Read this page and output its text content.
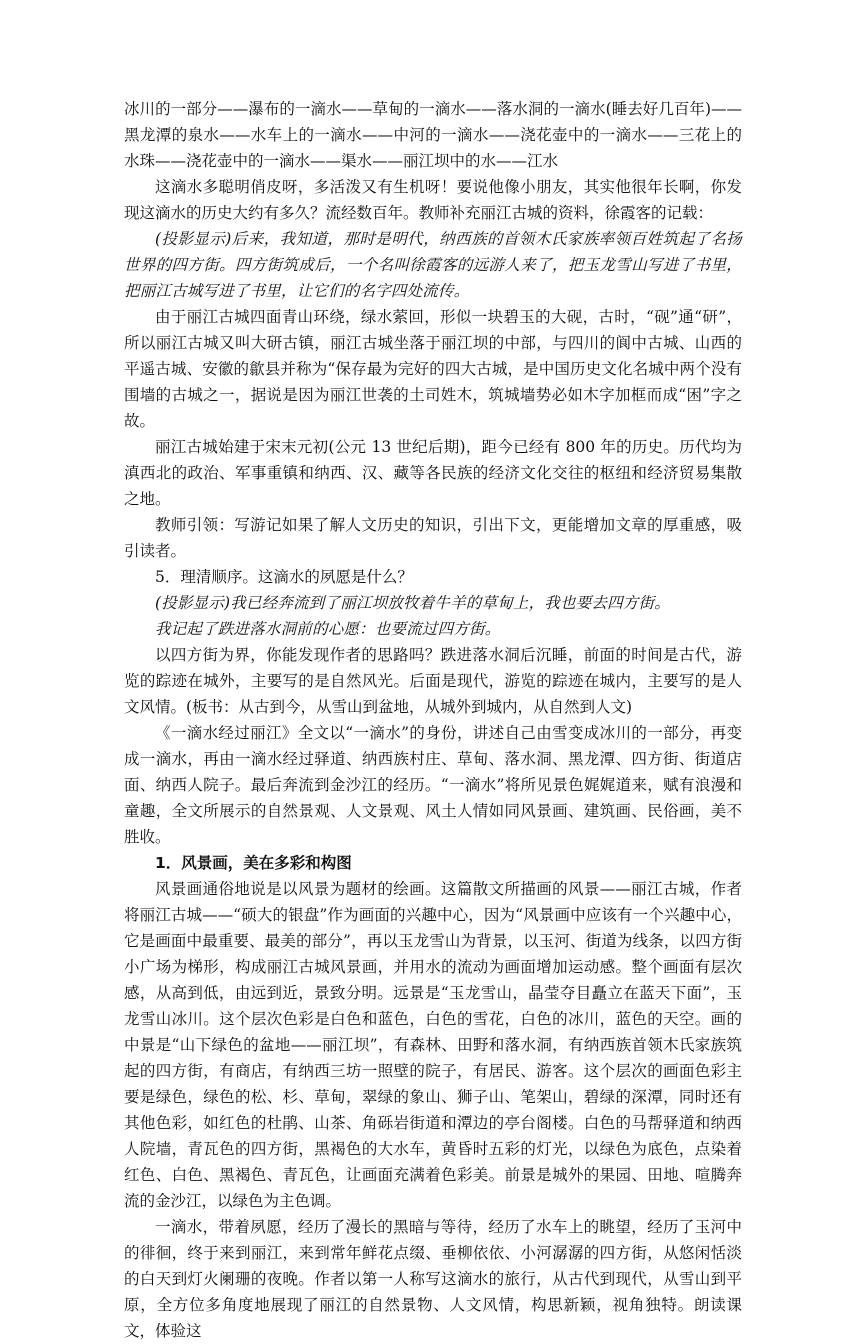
冰川的一部分——瀑布的一滴水——草甸的一滴水——落水洞的一滴水(睡去好几百年)——黑龙潭的泉水——水车上的一滴水——中河的一滴水——浇花壶中的一滴水——三花上的水珠——浇花壶中的一滴水——渠水——丽江坝中的水——江水

这滴水多聪明俏皮呀，多活泼又有生机呀！要说他像小朋友，其实他很年长啊，你发现这滴水的历史大约有多久？流经数百年。教师补充丽江古城的资料，徐霞客的记载：

(投影显示)后来，我知道，那时是明代，纳西族的首领木氏家族率领百姓筑起了名扬世界的四方街。四方街筑成后，一个名叫徐霞客的远游人来了，把玉龙雪山写进了书里，把丽江古城写进了书里，让它们的名字四处流传。

由于丽江古城四面青山环绕，绿水萦回，形似一块碧玉的大砚，古时，“砚”通“研”，所以丽江古城又叫大研古镇，丽江古城坐落于丽江坝的中部，与四川的阆中古城、山西的平遥古城、安徽的歙县并称为“保存最为完好的四大古城，是中国历史文化名城中两个没有围墙的古城之一，据说是因为丽江世袭的土司姓木，筑城墙势必如木字加框而成“困”字之故。

丽江古城始建于宋末元初(公元 13 世纪后期)，距今已经有 800 年的历史。历代均为滇西北的政治、军事重镇和纳西、汉、藏等各民族的经济文化交往的枢纽和经济贸易集散之地。

教师引领：写游记如果了解人文历史的知识，引出下文，更能增加文章的厚重感，吸引读者。

5．理清顺序。这滴水的夙愿是什么？

(投影显示)我已经奔流到了丽江坝放牧着牛羊的草甸上，我也要去四方街。

我记起了跌进落水洞前的心愿：也要流过四方街。

以四方街为界，你能发现作者的思路吗？跌进落水洞后沉睡，前面的时间是古代，游览的踪迹在城外，主要写的是自然风光。后面是现代，游览的踪迹在城内，主要写的是人文风情。(板书：从古到今，从雪山到盆地，从城外到城内，从自然到人文)

《一滴水经过丽江》全文以“一滴水”的身份，讲述自己由雪变成冰川的一部分，再变成一滴水，再由一滴水经过驿道、纳西族村庄、草甸、落水洞、黑龙潭、四方街、街道店面、纳西人院子。最后奔流到金沙江的经历。“一滴水”将所见景色娓娓道来，赋有浪漫和童趣，全文所展示的自然景观、人文景观、风土人情如同风景画、建筑画、民俗画，美不胜收。

1．风景画，美在多彩和构图

风景画通俗地说是以风景为题材的绘画。这篇散文所描画的风景——丽江古城，作者将丽江古城——“硕大的银盘”作为画面的兴趣中心，因为“风景画中应该有一个兴趣中心，它是画面中最重要、最美的部分”，再以玉龙雪山为背景，以玉河、街道为线条，以四方街小广场为梯形，构成丽江古城风景画，并用水的流动为画面增加运动感。整个画面有层次感，从高到低，由远到近，景致分明。远景是“玉龙雪山，晶莹夺目矗立在蓝天下面”，玉龙雪山冰川。这个层次色彩是白色和蓝色，白色的雪花，白色的冰川，蓝色的天空。画的中景是“山下绿色的盆地——丽江坝”，有森林、田野和落水洞，有纳西族首领木氏家族筑起的四方街，有商店，有纳西三坊一照壁的院子，有居民、游客。这个层次的画面色彩主要是绿色，绿色的松、杉、草甸，翠绿的象山、狮子山、笔架山，碧绿的深潭，同时还有其他色彩，如红色的杜鹃、山茶、角砾岩街道和潭边的亭台阁楼。白色的马帮驿道和纳西人院墙，青瓦色的四方街，黑褐色的大水车，黄昏时五彩的灯光，以绿色为底色，点染着红色、白色、黑褐色、青瓦色，让画面充满着色彩美。前景是城外的果园、田地、喧腾奔流的金沙江，以绿色为主色调。

一滴水，带着夙愿，经历了漫长的黑暗与等待，经历了水车上的眺望，经历了玉河中的徘徊，终于来到丽江，来到常年鲜花点缀、垂柳依依、小河潺潺的四方街，从悠闲恬淡的白天到灯火阑珊的夜晚。作者以第一人称写这滴水的旅行，从古代到现代，从雪山到平原，全方位多角度地展现了丽江的自然景物、人文风情，构思新颖，视角独特。朗读课文，体验这
